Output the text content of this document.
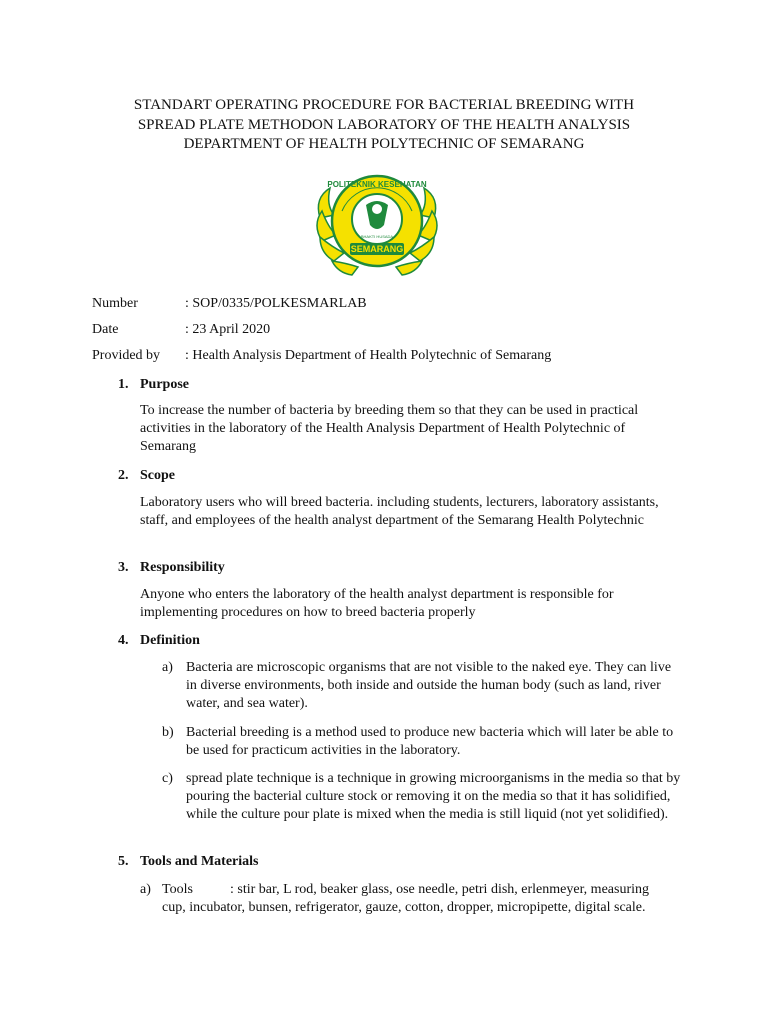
STANDART OPERATING PROCEDURE FOR BACTERIAL BREEDING WITH
SPREAD PLATE METHODON LABORATORY OF THE HEALTH ANALYSIS
DEPARTMENT OF HEALTH POLYTECHNIC OF SEMARANG
POLITEKNIK KESEHATAN
BHAKTI HUSADA
SEMARANG
Number	: SOP/0335/POLKESMARLAB
Date	: 23 April 2020
Provided by : Health Analysis Department of Health Polytechnic of Semarang
1. Purpose
To increase the number of bacteria by breeding them so that they can be used in practical activities in the laboratory of the Health Analysis Department of Health Polytechnic of Semarang
2. Scope
Laboratory users who will breed bacteria. including students, lecturers, laboratory assistants, staff, and employees of the health analyst department of the Semarang Health Polytechnic
3. Responsibility
Anyone who enters the laboratory of the health analyst department is responsible for implementing procedures on how to breed bacteria properly
4. Definition
a) Bacteria are microscopic organisms that are not visible to the naked eye. They can live in diverse environments, both inside and outside the human body (such as land, river water, and sea water).
b) Bacterial breeding is a method used to produce new bacteria which will later be able to be used for practicum activities in the laboratory.
c) spread plate technique is a technique in growing microorganisms in the media so that by pouring the bacterial culture stock or removing it on the media so that it has solidified, while the culture pour plate is mixed when the media is still liquid (not yet solidified).
5. Tools and Materials
a) Tools	: stir bar, L rod, beaker glass, ose needle, petri dish, erlenmeyer, measuring cup, incubator, bunsen, refrigerator, gauze, cotton, dropper, micropipette, digital scale.
